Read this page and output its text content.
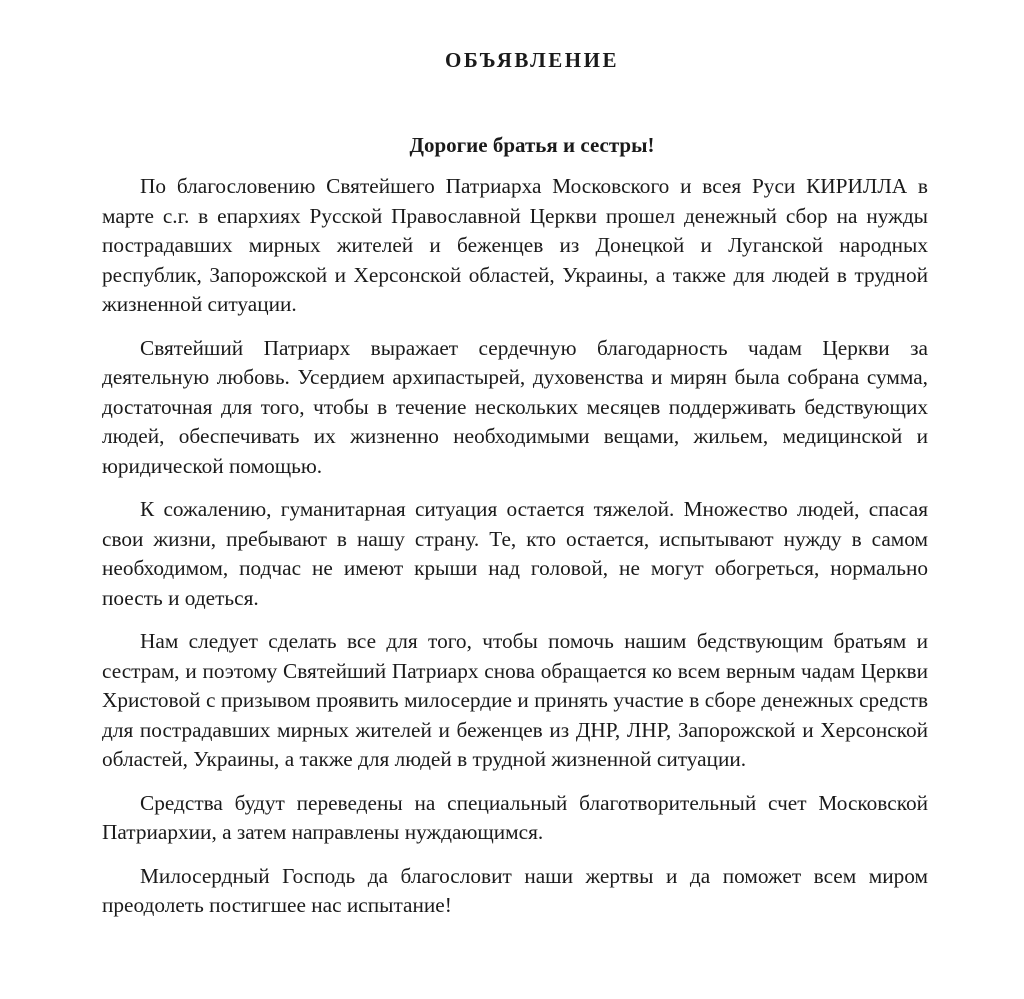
ОБЪЯВЛЕНИЕ
Дорогие братья и сестры!

По благословению Святейшего Патриарха Московского и всея Руси КИРИЛЛА в марте с.г. в епархиях Русской Православной Церкви прошел денежный сбор на нужды пострадавших мирных жителей и беженцев из Донецкой и Луганской народных республик, Запорожской и Херсонской областей, Украины, а также для людей в трудной жизненной ситуации.

Святейший Патриарх выражает сердечную благодарность чадам Церкви за деятельную любовь. Усердием архипастырей, духовенства и мирян была собрана сумма, достаточная для того, чтобы в течение нескольких месяцев поддерживать бедствующих людей, обеспечивать их жизненно необходимыми вещами, жильем, медицинской и юридической помощью.

К сожалению, гуманитарная ситуация остается тяжелой. Множество людей, спасая свои жизни, пребывают в нашу страну. Те, кто остается, испытывают нужду в самом необходимом, подчас не имеют крыши над головой, не могут обогреться, нормально поесть и одеться.

Нам следует сделать все для того, чтобы помочь нашим бедствующим братьям и сестрам, и поэтому Святейший Патриарх снова обращается ко всем верным чадам Церкви Христовой с призывом проявить милосердие и принять участие в сборе денежных средств для пострадавших мирных жителей и беженцев из ДНР, ЛНР, Запорожской и Херсонской областей, Украины, а также для людей в трудной жизненной ситуации.

Средства будут переведены на специальный благотворительный счет Московской Патриархии, а затем направлены нуждающимся.

Милосердный Господь да благословит наши жертвы и да поможет всем миром преодолеть постигшее нас испытание!
